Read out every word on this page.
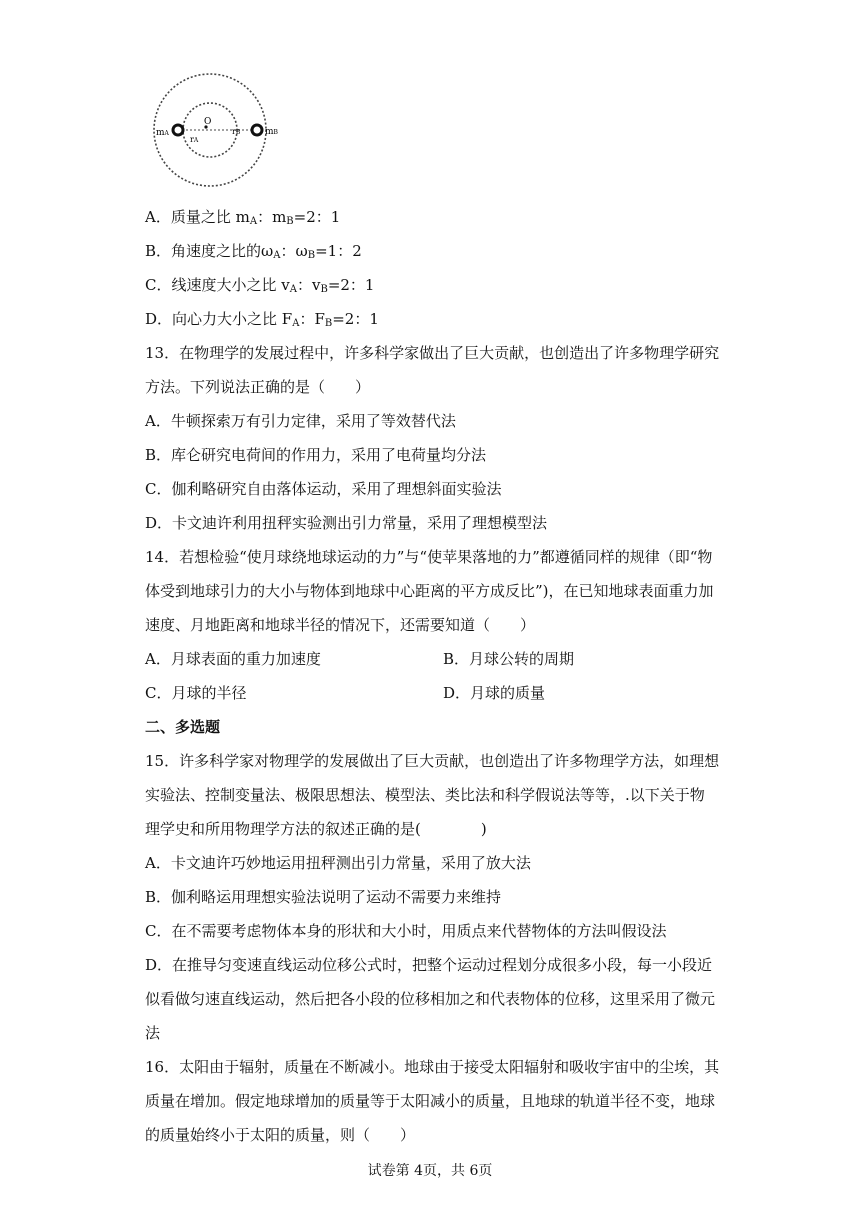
mA	mB
O
rA
rB
A．质量之比 $m_A$：$m_B=2$：1
B．角速度之比的$\omega_A$：$\omega_B=1$：2
C．线速度大小之比 $v_A$：$v_B=2$：1
D．向心力大小之比 $F_A$：$F_B=2$：1
13．在物理学的发展过程中，许多科学家做出了巨大贡献，也创造出了许多物理学研究
方法。下列说法正确的是（　　）
A．牛顿探索万有引力定律，采用了等效替代法
B．库仑研究电荷间的作用力，采用了电荷量均分法
C．伽利略研究自由落体运动，采用了理想斜面实验法
D．卡文迪许利用扭秤实验测出引力常量，采用了理想模型法
14．若想检验“使月球绕地球运动的力”与“使苹果落地的力”都遵循同样的规律（即“物
体受到地球引力的大小与物体到地球中心距离的平方成反比”)，在已知地球表面重力加
速度、月地距离和地球半径的情况下，还需要知道（　　）
A．月球表面的重力加速度	B．月球公转的周期
C．月球的半径	D．月球的质量
二、多选题
15．许多科学家对物理学的发展做出了巨大贡献，也创造出了许多物理学方法，如理想
实验法、控制变量法、极限思想法、模型法、类比法和科学假说法等等，.以下关于物
理学史和所用物理学方法的叙述正确的是(　　　　)
A．卡文迪许巧妙地运用扭秤测出引力常量，采用了放大法
B．伽利略运用理想实验法说明了运动不需要力来维持
C．在不需要考虑物体本身的形状和大小时，用质点来代替物体的方法叫假设法
D．在推导匀变速直线运动位移公式时，把整个运动过程划分成很多小段，每一小段近
似看做匀速直线运动，然后把各小段的位移相加之和代表物体的位移，这里采用了微元
法
16．太阳由于辐射，质量在不断减小。地球由于接受太阳辐射和吸收宇宙中的尘埃，其
质量在增加。假定地球增加的质量等于太阳减小的质量，且地球的轨道半径不变，地球
的质量始终小于太阳的质量，则（　　）
试卷第 4页，共 6页
